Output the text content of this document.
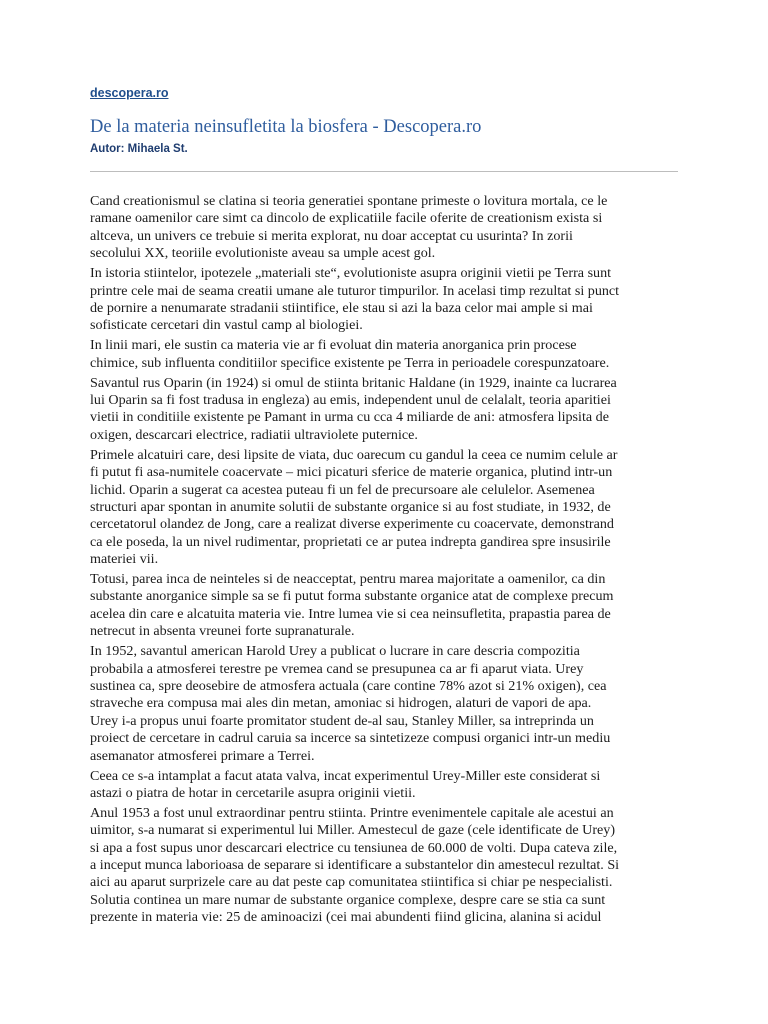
descopera.ro
De la materia neinsufletita la biosfera - Descopera.ro
Autor: Mihaela St.

Cand creationismul se clatina si teoria generatiei spontane primeste o lovitura mortala, ce le
ramane oamenilor care simt ca dincolo de explicatiile facile oferite de creationism exista si
altceva, un univers ce trebuie si merita explorat, nu doar acceptat cu usurinta? In zorii
secolului XX, teoriile evolutioniste aveau sa umple acest gol.

In istoria stiintelor, ipotezele „materiali ste“, evolutioniste asupra originii vietii pe Terra sunt
printre cele mai de seama creatii umane ale tuturor timpurilor. In acelasi timp rezultat si punct
de pornire a nenumarate stradanii stiintifice, ele stau si azi la baza celor mai ample si mai
sofisticate cercetari din vastul camp al biologiei.

In linii mari, ele sustin ca materia vie ar fi evoluat din materia anorganica prin procese
chimice, sub influenta conditiilor specifice existente pe Terra in perioadele corespunzatoare.

Savantul rus Oparin (in 1924) si omul de stiinta britanic Haldane (in 1929, inainte ca lucrarea
lui Oparin sa fi fost tradusa in engleza) au emis, independent unul de celalalt, teoria aparitiei
vietii in conditiile existente pe Pamant in urma cu cca 4 miliarde de ani: atmosfera lipsita de
oxigen, descarcari electrice, radiatii ultraviolete puternice.

Primele alcatuiri care, desi lipsite de viata, duc oarecum cu gandul la ceea ce numim celule ar
fi putut fi asa-numitele coacervate – mici picaturi sferice de materie organica, plutind intr-un
lichid. Oparin a sugerat ca acestea puteau fi un fel de precursoare ale celulelor. Asemenea
structuri apar spontan in anumite solutii de substante organice si au fost studiate, in 1932, de
cercetatorul olandez de Jong, care a realizat diverse experimente cu coacervate, demonstrand
ca ele poseda, la un nivel rudimentar, proprietati ce ar putea indrepta gandirea spre insusirile
materiei vii.

Totusi, parea inca de neinteles si de neacceptat, pentru marea majoritate a oamenilor, ca din
substante anorganice simple sa se fi putut forma substante organice atat de complexe precum
acelea din care e alcatuita materia vie. Intre lumea vie si cea neinsufletita, prapastia parea de
netrecut in absenta vreunei forte supranaturale.

In 1952, savantul american Harold Urey a publicat o lucrare in care descria compozitia
probabila a atmosferei terestre pe vremea cand se presupunea ca ar fi aparut viata. Urey
sustinea ca, spre deosebire de atmosfera actuala (care contine 78% azot si 21% oxigen), cea
stravechе era compusa mai ales din metan, amoniac si hidrogen, alaturi de vapori de apa.
Urey i-a propus unui foarte promitator student de-al sau, Stanley Miller, sa intreprinda un
proiect de cercetare in cadrul caruia sa incerce sa sintetizeze compusi organici intr-un mediu
asemanator atmosferei primare a Terrei.

Ceea ce s-a intamplat a facut atata valva, incat experimentul Urey-Miller este considerat si
astazi o piatra de hotar in cercetarile asupra originii vietii.

Anul 1953 a fost unul extraordinar pentru stiinta. Printre evenimentele capitale ale acestui an
uimitor, s-a numarat si experimentul lui Miller. Amestecul de gaze (cele identificate de Urey)
si apa a fost supus unor descarcari electrice cu tensiunea de 60.000 de volti. Dupa cateva zile,
a inceput munca laborioasa de separare si identificare a substantelor din amestecul rezultat. Si
aici au aparut surprizele care au dat peste cap comunitatea stiintifica si chiar pe nespecialisti.
Solutia continea un mare numar de substante organice complexe, despre care se stia ca sunt
prezente in materia vie: 25 de aminoacizi (cei mai abundenti fiind glicina, alanina si acidul
